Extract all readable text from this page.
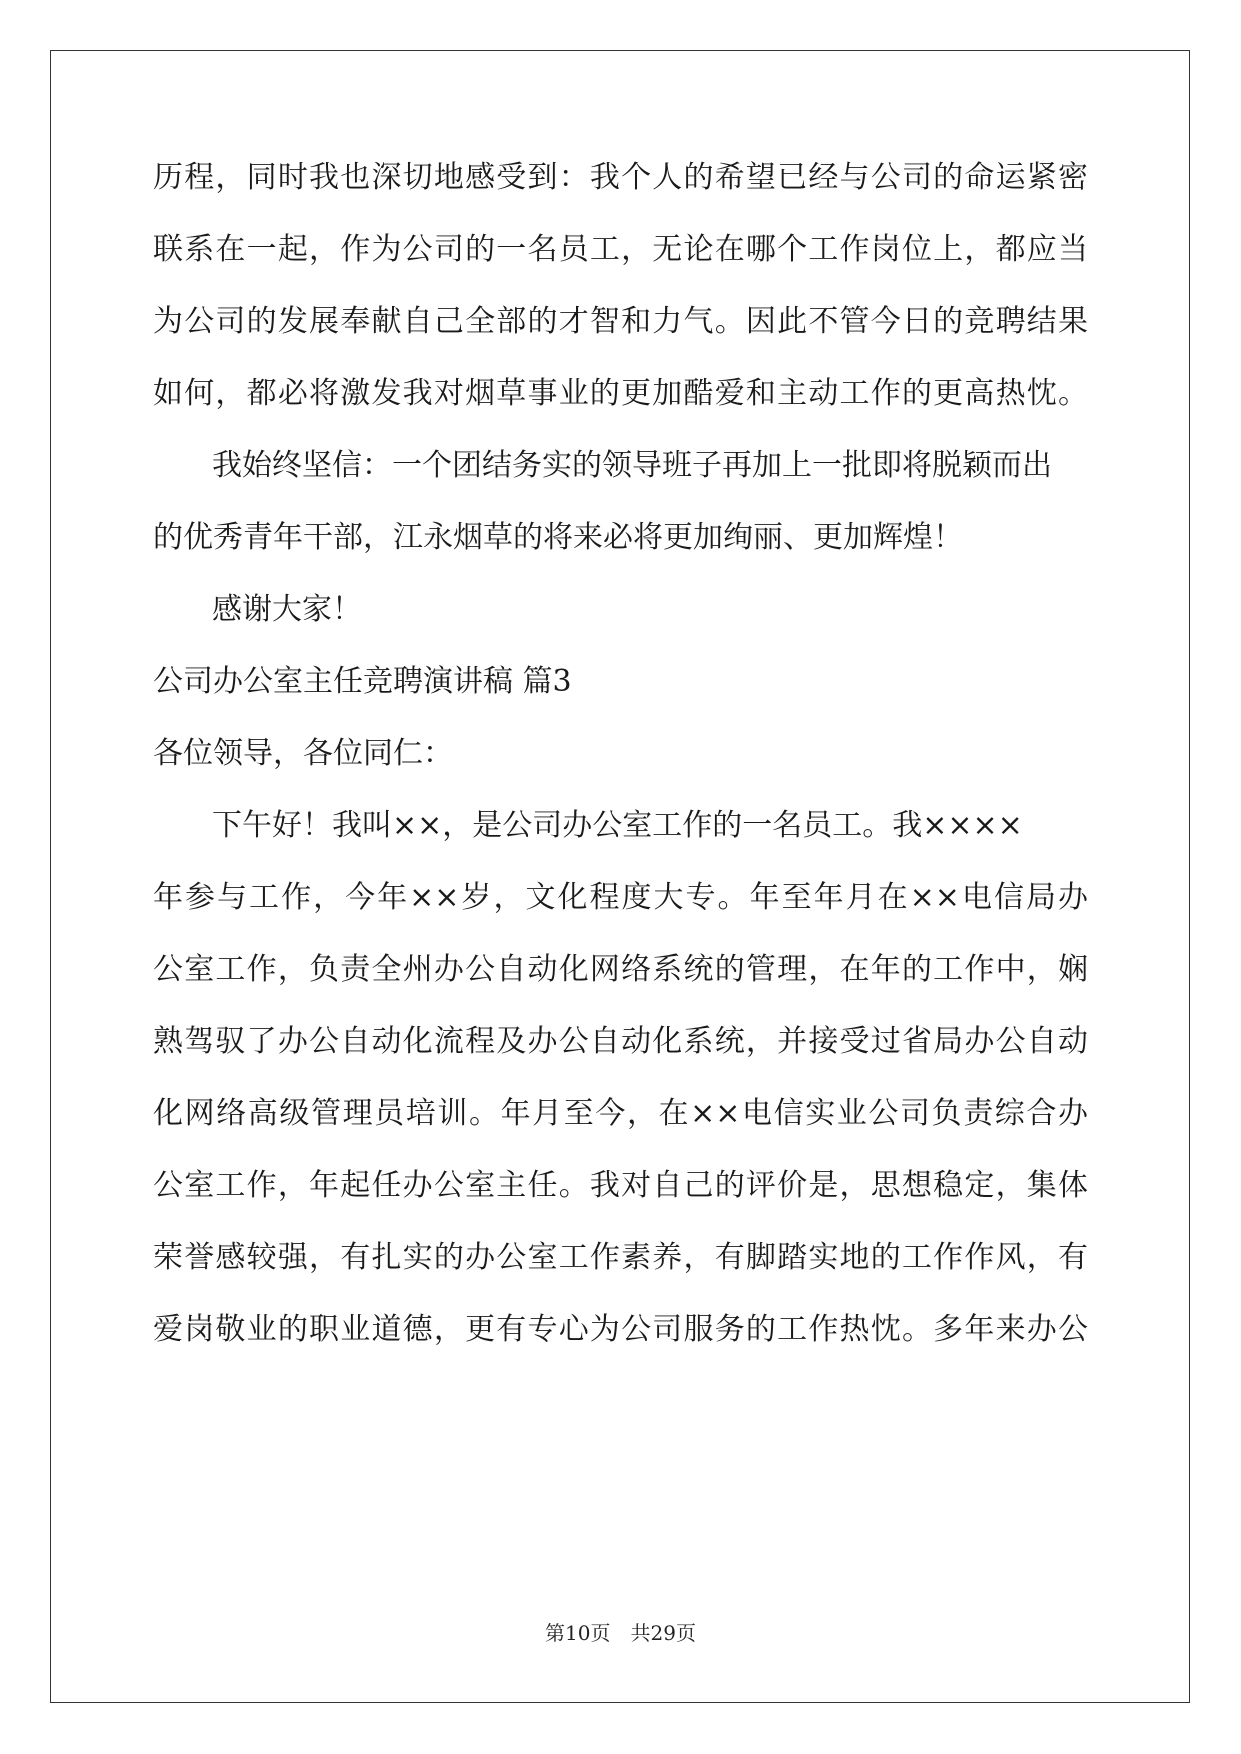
历程，同时我也深切地感受到：我个人的希望已经与公司的命运紧密
联系在一起，作为公司的一名员工，无论在哪个工作岗位上，都应当
为公司的发展奉献自己全部的才智和力气。因此不管今日的竞聘结果
如何，都必将激发我对烟草事业的更加酷爱和主动工作的更高热忱。
我始终坚信：一个团结务实的领导班子再加上一批即将脱颖而出
的优秀青年干部，江永烟草的将来必将更加绚丽、更加辉煌！
感谢大家！
公司办公室主任竞聘演讲稿 篇3
各位领导，各位同仁：
下午好！我叫××，是公司办公室工作的一名员工。我××××
年参与工作，今年××岁，文化程度大专。年至年月在××电信局办
公室工作，负责全州办公自动化网络系统的管理，在年的工作中，娴
熟驾驭了办公自动化流程及办公自动化系统，并接受过省局办公自动
化网络高级管理员培训。年月至今，在××电信实业公司负责综合办
公室工作，年起任办公室主任。我对自己的评价是，思想稳定，集体
荣誉感较强，有扎实的办公室工作素养，有脚踏实地的工作作风，有
爱岗敬业的职业道德，更有专心为公司服务的工作热忱。多年来办公
第10页 共29页
